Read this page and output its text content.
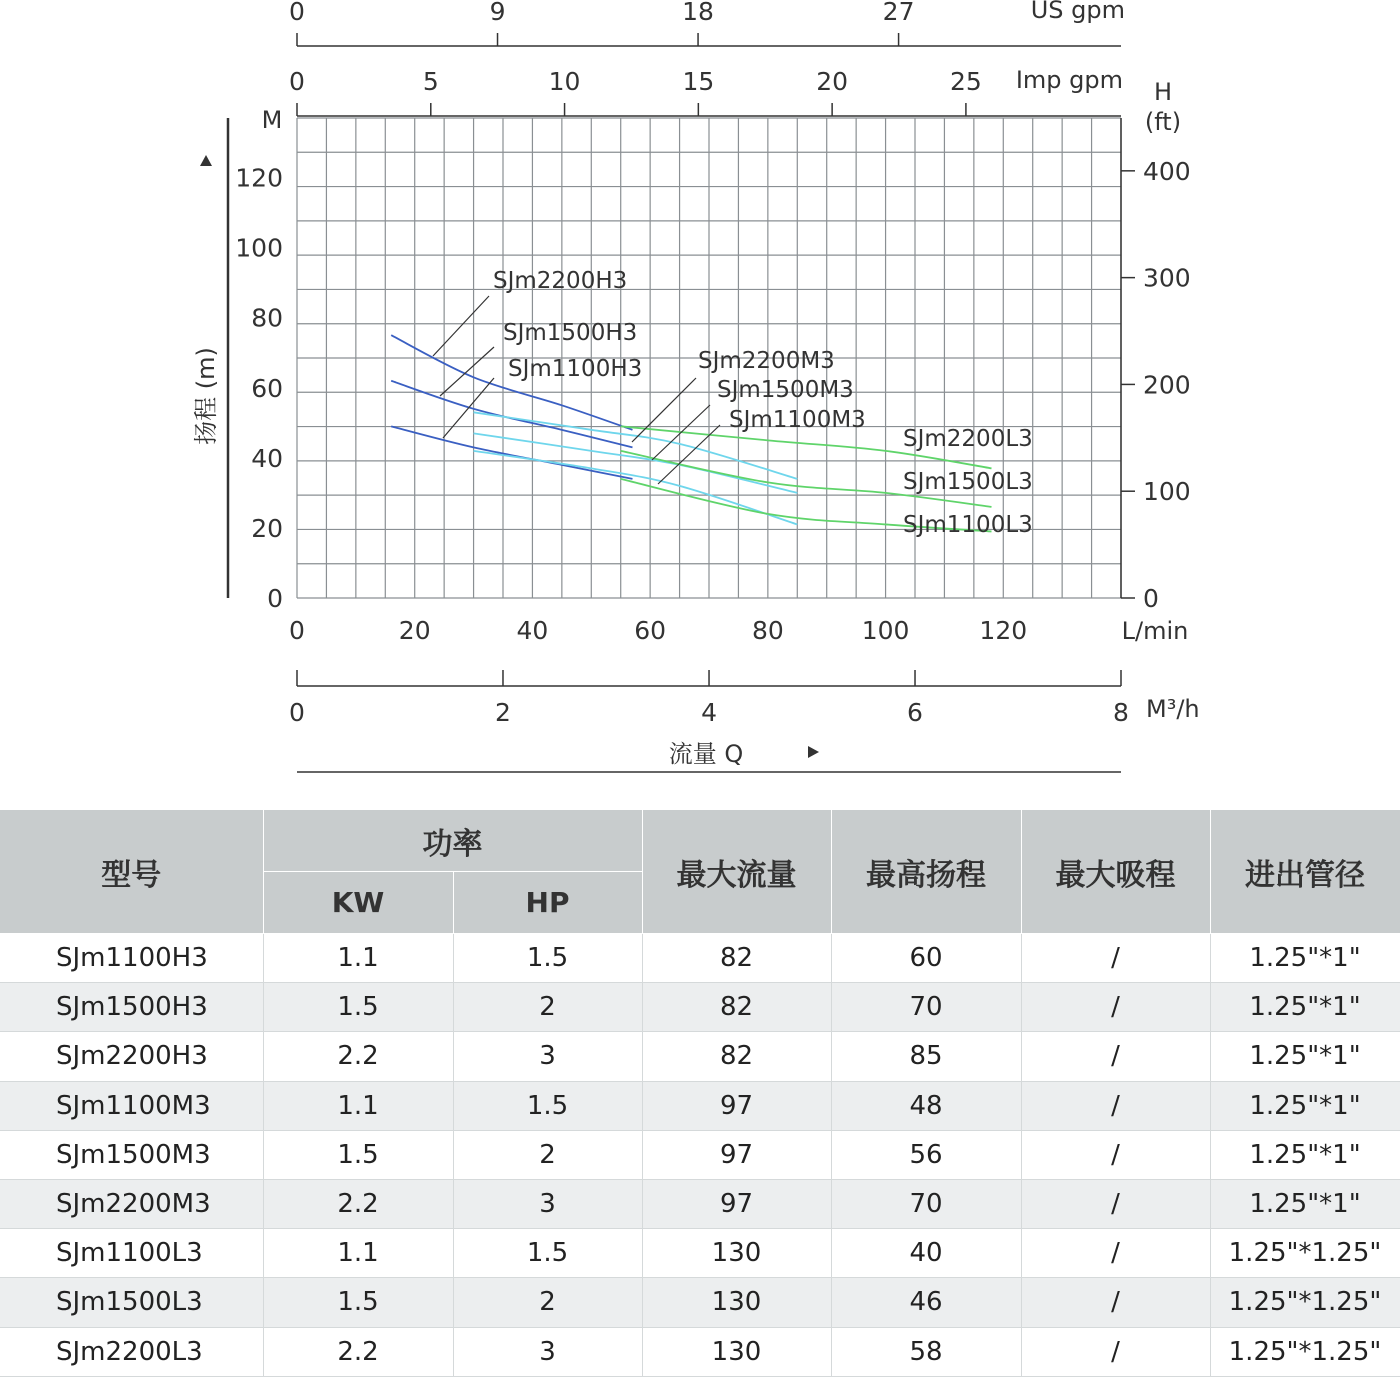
M
扬程 (m)
0
20
40
60
80
100
120
0	20	40	60	80	100	120	L/min
0
100
200
300
400
H
(ft)
0	9	18	27	US gpm
0	5	10	15	20	25 Imp gpm
0	2	4	6	8 M³/h
流量 Q
SJm2200H3
SJm1500H3
SJm1100H3 SJm2200M3
SJm1500M3
SJm1100M3
SJm2200L3
SJm1500L3
SJm1100L3
型号	功率		最大流量	最高扬程	最大吸程	进出管径
	KW	HP				
SJm1100H3	1.1	1.5	82	60	/	1.25"*1"
SJm1500H3	1.5	2	82	70	/	1.25"*1"
SJm2200H3	2.2	3	82	85	/	1.25"*1"
SJm1100M3	1.1	1.5	97	48	/	1.25"*1"
SJm1500M3	1.5	2	97	56	/	1.25"*1"
SJm2200M3	2.2	3	97	70	/	1.25"*1"
SJm1100L3	1.1	1.5	130	40	/	1.25"*1.25"
SJm1500L3	1.5	2	130	46	/	1.25"*1.25"
SJm2200L3	2.2	3	130	58	/	1.25"*1.25"
